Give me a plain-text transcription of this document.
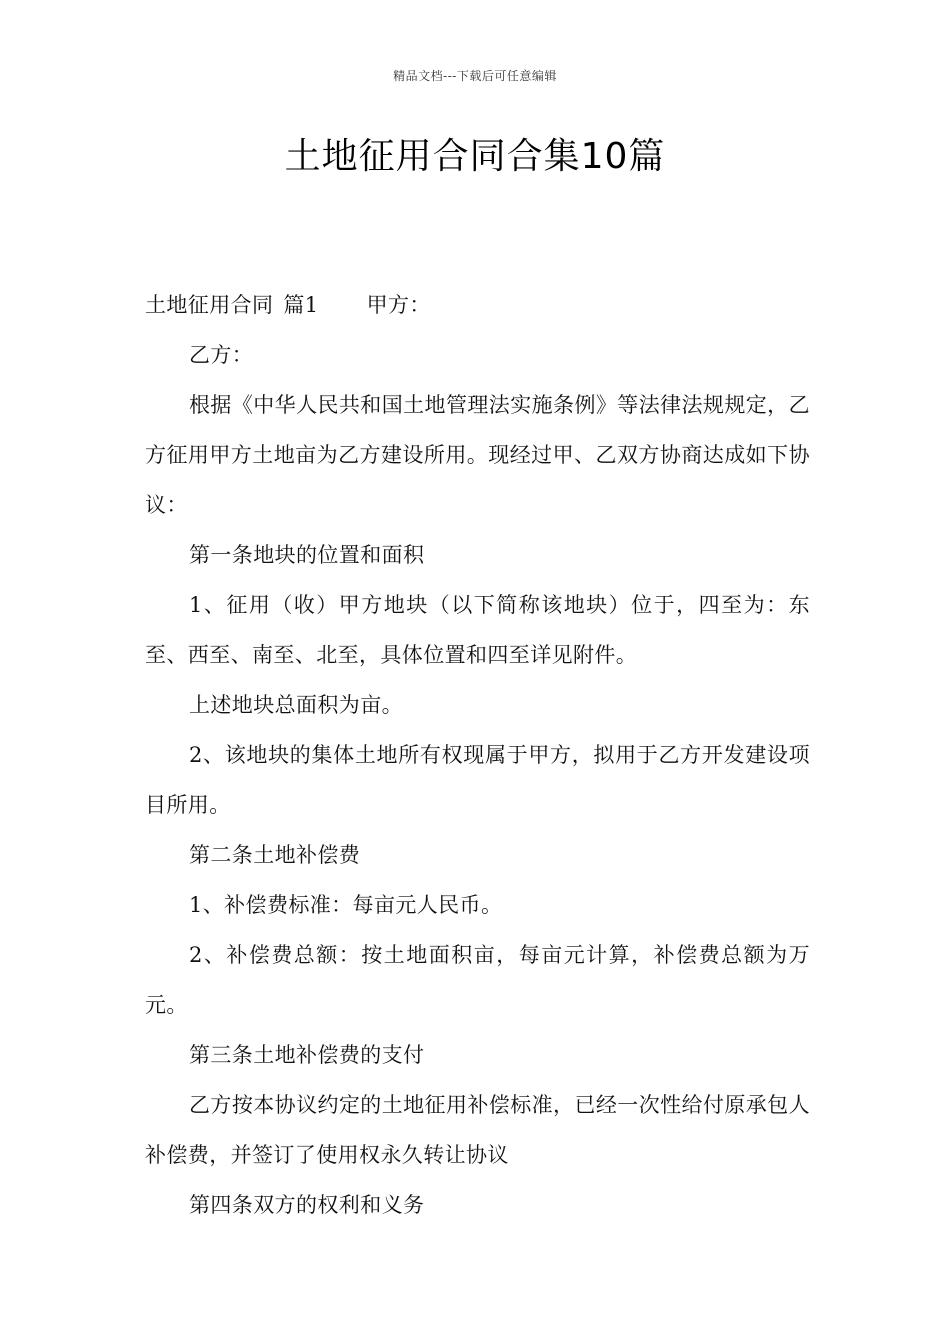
精品文档---下载后可任意编辑
土地征用合同合集10篇

土地征用合同 篇1 甲方：

乙方：

根据《中华人民共和国土地管理法实施条例》等法律法规规定，乙方征用甲方土地亩为乙方建设所用。现经过甲、乙双方协商达成如下协议：

第一条地块的位置和面积

1、征用（收）甲方地块（以下简称该地块）位于，四至为：东至、西至、南至、北至，具体位置和四至详见附件。

上述地块总面积为亩。

2、该地块的集体土地所有权现属于甲方，拟用于乙方开发建设项目所用。

第二条土地补偿费

1、补偿费标准：每亩元人民币。

2、补偿费总额：按土地面积亩，每亩元计算，补偿费总额为万元。

第三条土地补偿费的支付

乙方按本协议约定的土地征用补偿标准，已经一次性给付原承包人补偿费，并签订了使用权永久转让协议

第四条双方的权利和义务
